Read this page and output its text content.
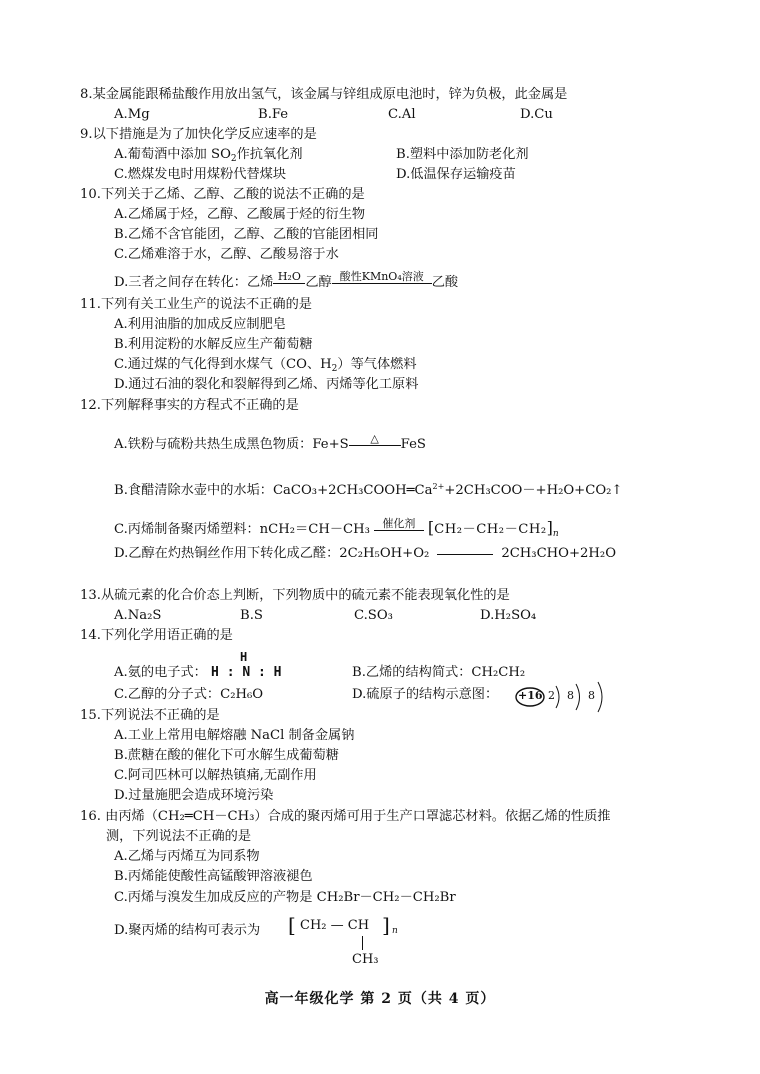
8.某金属能跟稀盐酸作用放出氢气，该金属与锌组成原电池时，锌为负极，此金属是
A.Mg	B.Fe	C.Al	D.Cu
9.以下措施是为了加快化学反应速率的是
A.葡萄酒中添加 $SO_2$作抗氧化剂	B.塑料中添加防老化剂
C.燃煤发电时用煤粉代替煤块	D.低温保存运输疫苗
10.下列关于乙烯、乙醇、乙酸的说法不正确的是
A.乙烯属于烃，乙醇、乙酸属于烃的衍生物
B.乙烯不含官能团，乙醇、乙酸的官能团相同
C.乙烯难溶于水，乙醇、乙酸易溶于水
D.三者之间存在转化：乙烯 H₂O 乙醇 酸性KMnO₄溶液 乙酸
11.下列有关工业生产的说法不正确的是
A.利用油脂的加成反应制肥皂
B.利用淀粉的水解反应生产葡萄糖
C.通过煤的气化得到水煤气（CO、$H_2$）等气体燃料
D.通过石油的裂化和裂解得到乙烯、丙烯等化工原料
12.下列解释事实的方程式不正确的是
A.铁粉与硫粉共热生成黑色物质：Fe+S	△	FeS
B.食醋清除水壶中的水垢：$CaCO_3+2CH_3COOH═Ca^{2+}+2CH_3COO-+H_2O+CO_2↑$
C.丙烯制备聚丙烯塑料：nCH₂＝CH－CH₃	催化剂 $[CH_2-CH_2-CH_2]_n$
D.乙醇在灼热铜丝作用下转化成乙醛：2C₂H₅OH+O₂	2CH₃CHO+2H₂O
13.从硫元素的化合价态上判断，下列物质中的硫元素不能表现氧化性的是
A.Na₂S	B.S	C.SO₃	D.H₂SO₄
14.下列化学用语正确的是
A.氨的电子式：
H
H : N : H	B.乙烯的结构简式：CH₂CH₂
C.乙醇的分子式：C₂H₆O	D.硫原子的结构示意图： +16 2 8 8
15.下列说法不正确的是
A.工业上常用电解熔融 NaCl 制备金属钠
B.蔗糖在酸的催化下可水解生成葡萄糖
C.阿司匹林可以解热镇痛,无副作用
D.过量施肥会造成环境污染
16. 由丙烯（CH₂═CH－CH₃）合成的聚丙烯可用于生产口罩滤芯材料。依据乙烯的性质推
测，下列说法不正确的是
A.乙烯与丙烯互为同系物
B.丙烯能使酸性高锰酸钾溶液褪色
C.丙烯与溴发生加成反应的产物是 CH₂Br－CH₂－CH₂Br
D.聚丙烯的结构可表示为 [ CH₂ — CH ] n
CH₃
高一年级化学 第 2 页（共 4 页）
